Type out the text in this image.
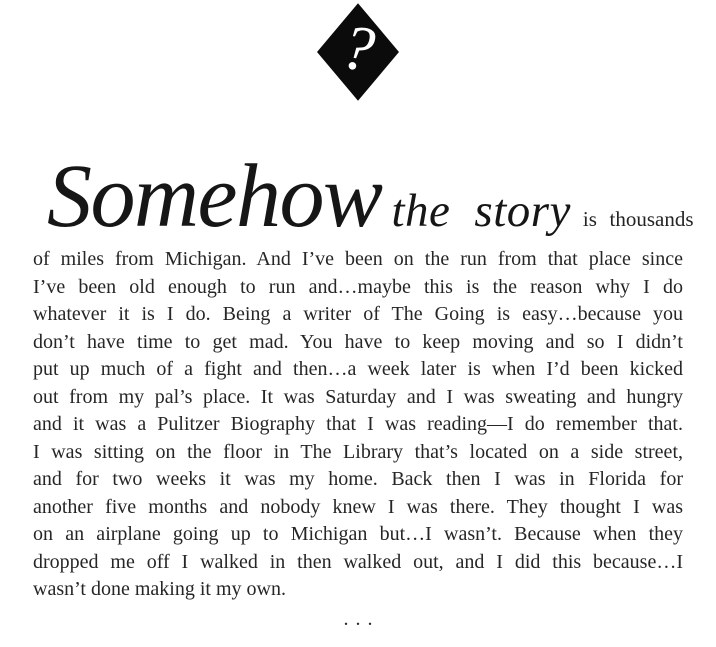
?
Somehow the story is thousands

of miles from Michigan. And I’ve been on the run from that place since

I’ve been old enough to run and…maybe this is the reason why I do

whatever it is I do. Being a writer of The Going is easy…because you

don’t have time to get mad. You have to keep moving and so I didn’t

put up much of a fight and then…a week later is when I’d been kicked

out from my pal’s place. It was Saturday and I was sweating and hungry

and it was a Pulitzer Biography that I was reading—I do remember that.

I was sitting on the floor in The Library that’s located on a side street,

and for two weeks it was my home. Back then I was in Florida for

another five months and nobody knew I was there. They thought I was

on an airplane going up to Michigan but…I wasn’t. Because when they

dropped me off I walked in then walked out, and I did this because…I

wasn’t done making it my own.

...
